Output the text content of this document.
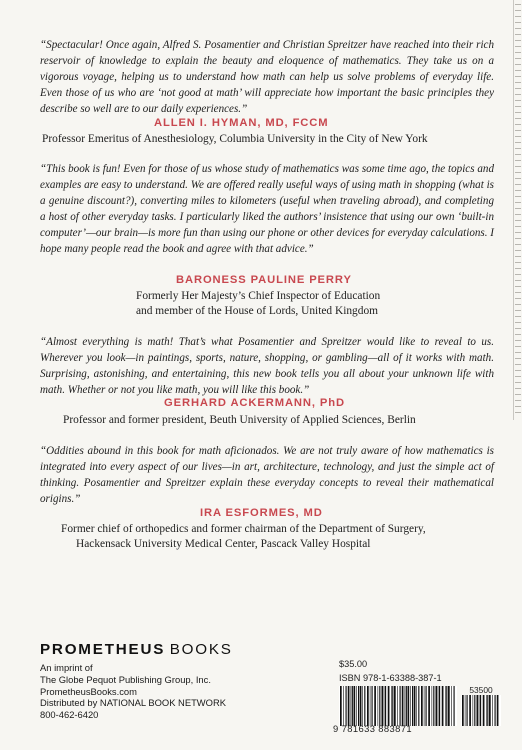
“Spectacular! Once again, Alfred S. Posamentier and Christian Spreitzer have reached into their rich reservoir of knowledge to explain the beauty and eloquence of mathematics. They take us on a vigorous voyage, helping us to understand how math can help us solve problems of everyday life. Even those of us who are ‘not good at math’ will appreciate how important the basic principles they describe so well are to our daily experiences.”
ALLEN I. HYMAN, MD, FCCM
Professor Emeritus of Anesthesiology, Columbia University in the City of New York
“This book is fun! Even for those of us whose study of mathematics was some time ago, the topics and examples are easy to understand. We are offered really useful ways of using math in shopping (what is a genuine discount?), converting miles to kilometers (useful when traveling abroad), and completing a host of other everyday tasks. I particularly liked the authors’ insistence that using our own ‘built-in computer’—our brain—is more fun than using our phone or other devices for everyday calculations. I hope many people read the book and agree with that advice.”
BARONESS PAULINE PERRY
Formerly Her Majesty’s Chief Inspector of Education
and member of the House of Lords, United Kingdom
“Almost everything is math! That’s what Posamentier and Spreitzer would like to reveal to us. Wherever you look—in paintings, sports, nature, shopping, or gambling—all of it works with math. Surprising, astonishing, and entertaining, this new book tells you all about your unknown life with math. Whether or not you like math, you will like this book.”
GERHARD ACKERMANN, PhD
Professor and former president, Beuth University of Applied Sciences, Berlin
“Oddities abound in this book for math aficionados. We are not truly aware of how mathematics is integrated into every aspect of our lives—in art, architecture, technology, and just the simple act of thinking. Posamentier and Spreitzer explain these everyday concepts to reveal their mathematical origins.”
IRA ESFORMES, MD
Former chief of orthopedics and former chairman of the Department of Surgery,
Hackensack University Medical Center, Pascack Valley Hospital
PROMETHEUS BOOKS
An imprint of
The Globe Pequot Publishing Group, Inc.
PrometheusBooks.com
Distributed by NATIONAL BOOK NETWORK
800-462-6420
$35.00
ISBN 978-1-63388-387-1
53500
9 781633 883871
